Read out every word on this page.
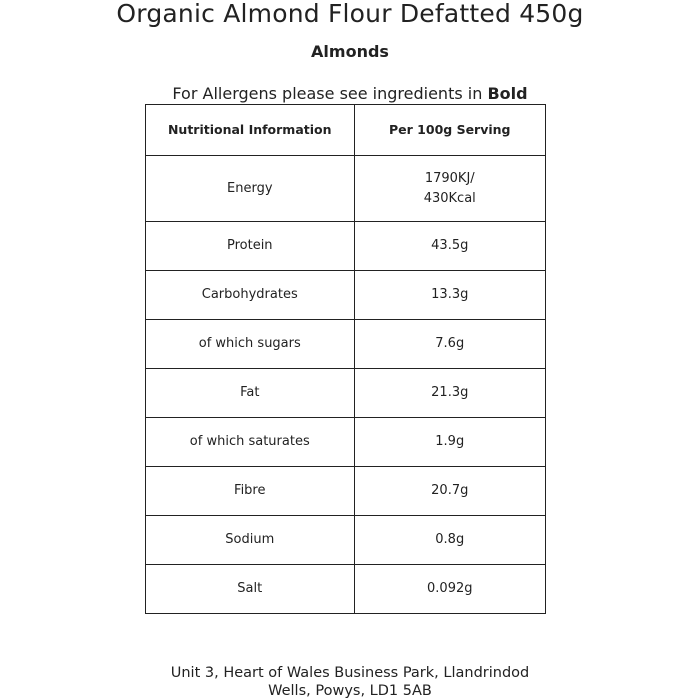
Organic Almond Flour Defatted 450g
Almonds
For Allergens please see ingredients in Bold
Nutritional Information	Per 100g Serving
Energy	1790KJ/
430Kcal

Protein	43.5g
Carbohydrates	13.3g
of which sugars	7.6g
Fat	21.3g
of which saturates	1.9g
Fibre	20.7g
Sodium	0.8g
Salt	0.092g
Unit 3, Heart of Wales Business Park, Llandrindod
Wells, Powys, LD1 5AB
